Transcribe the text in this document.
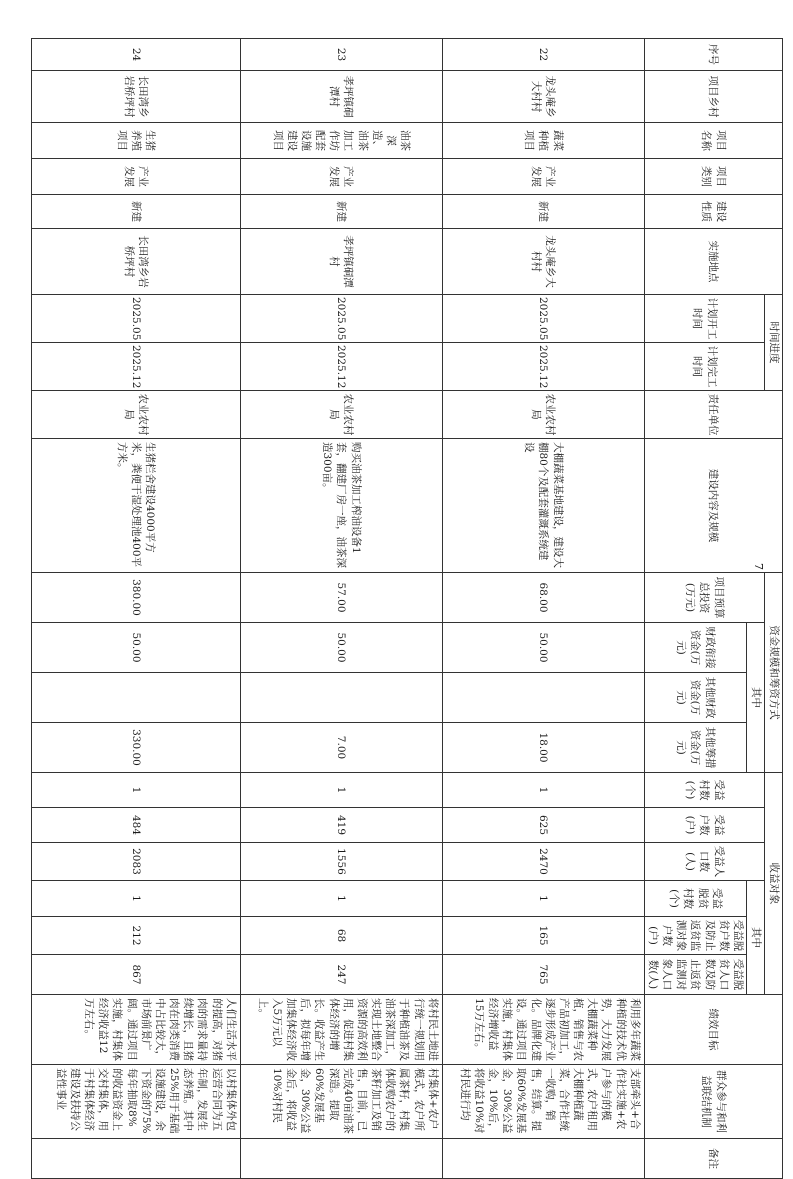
序号	项目乡村	项目名称	项目类别	建设性质	实施地点	时间进度		责任单位	建设内容及规模	资金规模和筹资方式				收益对象						绩效目标	群众参与和利益联结机制	备注
						计划开工时间	计划完工时间			项目预算总投资(万元)	其中			受益村数(个)	受益户数(户)	受益人口数(人)	其中					
											财政衔接资金(万元)	其他财政资金(万元)	其他筹措资金(万元)				受益脱贫村数(个)	受益脱贫户数及防止返贫监测对象户数(户)	受益脱贫人口数及防止返贫监测对象人口数(人)			
22	龙头庵乡大村村	蔬菜种植项目	产业发展	新建	龙头庵乡大村村	2025.05	2025.12	农业农村局	大棚蔬菜基地建设，建设大棚80个及配套灌溉系统建设	68.00	50.00		18.00	1	625	2470	1	165	765	利用多年蔬菜种植的技术优势，大力发展大棚蔬菜种植，销售与农产品初加工，逐步形成产业化。品牌化建设。通过项目实施，村集体经济增收益15万左右。	支部牵头+合作社实施+农户参与的模式，农户租用大棚种植蔬菜，合作社统一收购，销售，结算。提取60%发展基金，30%公益金，10%后，将收益10%对村民进行均	
23	孝坪镇硐潭村	油茶深造、油茶加工作坊配套设施建设项目	产业发展	新建	孝坪镇硐潭村	2025.05	2025.12	农业农村局	购买油茶加工榨油设备1套，翻建厂房一座，油茶深造300亩。	57.00	50.00		7.00	1	419	1556	1	68	247	将村民土地进行统一规划用于种植油茶及油茶深加工，实现土地整合资源的高效利用，促进村集体经济的增长。收益产生后，拟每年增加集体经济收入5万元以上。	村集体+农户模式，农户所属茶籽，村集体收购农户的茶籽加工及销售，目前，已完成40亩油茶深造。提取60%发展基金，30%公益金后，将收益10%对村民	
24	长田湾乡岩桥坪村	生猪养殖项目	产业发展	新建	长田湾乡岩桥坪村	2025.05	2025.12	农业农村局	生猪栏舍建设4000平方米，粪便干湿处理池400平方米。	380.00	50.00		330.00	1	484	2083	1	212	867	人们生活水平的提高，对猪肉的需求量持续增长，且猪肉在肉类消费中占比较大，市场前景广阔。通过项目实施，村集体经济收益12万左右。	以村集体外包运营合同为五年制，发展生态养殖。其中25%用于基础设施建设，余下资金的75%每年抽取8%的收益资金上交村集体，用于村集体经济建设及扶持公益性事业	
7
